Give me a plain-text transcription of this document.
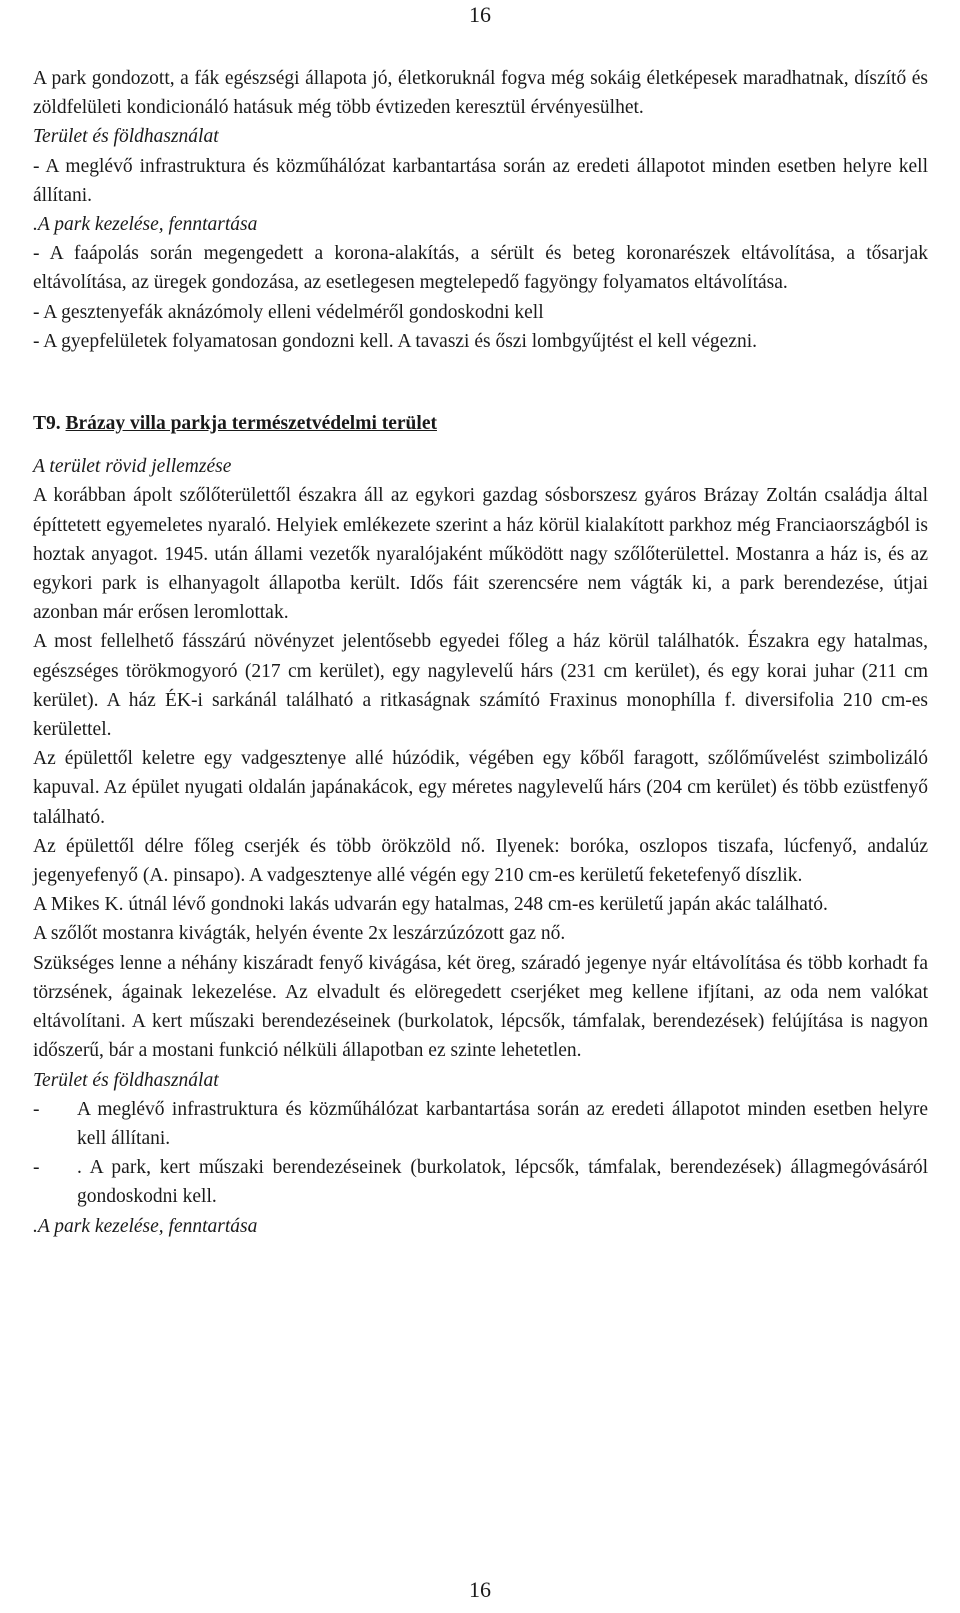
16

A park gondozott, a fák egészségi állapota jó, életkoruknál fogva még sokáig életképesek maradhatnak, díszítő és zöldfelületi kondicionáló hatásuk még több évtizeden keresztül érvényesülhet.

Terület és földhasználat

- A meglévő infrastruktura és közműhálózat karbantartása során az eredeti állapotot minden esetben helyre kell állítani.

.A park kezelése, fenntartása

- A faápolás során megengedett a korona-alakítás, a sérült és beteg koronarészek eltávolítása, a tősarjak eltávolítása, az üregek gondozása, az esetlegesen megtelepedő fagyöngy folyamatos eltávolítása.

- A gesztenyefák aknázómoly elleni védelméről gondoskodni kell

- A gyepfelületek folyamatosan gondozni kell. A tavaszi és őszi lombgyűjtést el kell végezni.

T9. Brázay villa parkja természetvédelmi terület

A terület rövid jellemzése

A korábban ápolt szőlőterülettől északra áll az egykori gazdag sósborszesz gyáros Brázay Zoltán családja által építtetett egyemeletes nyaraló. Helyiek emlékezete szerint a ház körül kialakított parkhoz még Franciaországból is hoztak anyagot. 1945. után állami vezetők nyaralójaként működött nagy szőlőterülettel. Mostanra a ház is, és az egykori park is elhanyagolt állapotba került. Idős fáit szerencsére nem vágták ki, a park berendezése, útjai azonban már erősen leromlottak.

A most fellelhető fásszárú növényzet jelentősebb egyedei főleg a ház körül találhatók. Északra egy hatalmas, egészséges törökmogyoró (217 cm kerület), egy nagylevelű hárs (231 cm kerület), és egy korai juhar (211 cm kerület). A ház ÉK-i sarkánál található a ritkaságnak számító Fraxinus monophílla f. diversifolia 210 cm-es kerülettel.

Az épülettől keletre egy vadgesztenye allé húzódik, végében egy kőből faragott, szőlőművelést szimbolizáló kapuval. Az épület nyugati oldalán japánakácok, egy méretes nagylevelű hárs (204 cm kerület) és több ezüstfenyő található.

Az épülettől délre főleg cserjék és több örökzöld nő. Ilyenek: boróka, oszlopos tiszafa, lúcfenyő, andalúz jegenyefenyő (A. pinsapo). A vadgesztenye allé végén egy 210 cm-es kerületű feketefenyő díszlik.

A Mikes K. útnál lévő gondnoki lakás udvarán egy hatalmas, 248 cm-es kerületű japán akác található.

A szőlőt mostanra kivágták, helyén évente 2x leszárzúzózott gaz nő.

Szükséges lenne a néhány kiszáradt fenyő kivágása, két öreg, száradó jegenye nyár eltávolítása és több korhadt fa törzsének, ágainak lekezelése. Az elvadult és elöregedett cserjéket meg kellene ifjítani, az oda nem valókat eltávolítani. A kert műszaki berendezéseinek (burkolatok, lépcsők, támfalak, berendezések) felújítása is nagyon időszerű, bár a mostani funkció nélküli állapotban ez szinte lehetetlen.

Terület és földhasználat

-	A meglévő infrastruktura és közműhálózat karbantartása során az eredeti állapotot minden esetben helyre kell állítani.
-	. A park, kert műszaki berendezéseinek (burkolatok, lépcsők, támfalak, berendezések) állagmegóvásáról gondoskodni kell.

.A park kezelése, fenntartása

16
